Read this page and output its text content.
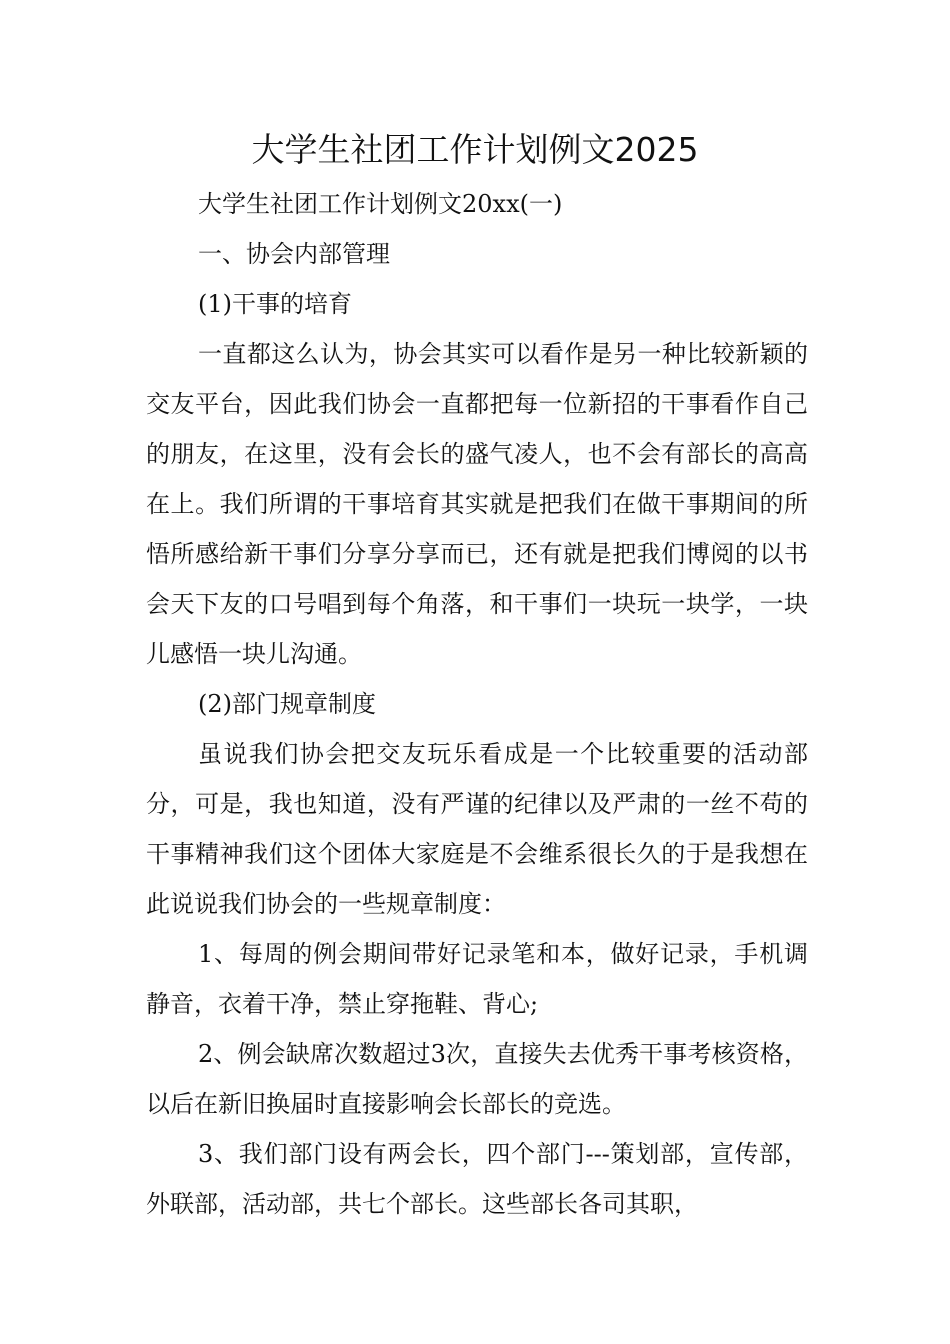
大学生社团工作计划例文2025

大学生社团工作计划例文20xx(一)

一、协会内部管理

(1)干事的培育

一直都这么认为，协会其实可以看作是另一种比较新颖的交友平台，因此我们协会一直都把每一位新招的干事看作自己的朋友，在这里，没有会长的盛气凌人，也不会有部长的高高在上。我们所谓的干事培育其实就是把我们在做干事期间的所悟所感给新干事们分享分享而已，还有就是把我们博阅的以书会天下友的口号唱到每个角落，和干事们一块玩一块学，一块儿感悟一块儿沟通。

(2)部门规章制度

虽说我们协会把交友玩乐看成是一个比较重要的活动部分，可是，我也知道，没有严谨的纪律以及严肃的一丝不苟的干事精神我们这个团体大家庭是不会维系很长久的于是我想在此说说我们协会的一些规章制度：

1、每周的例会期间带好记录笔和本，做好记录，手机调静音，衣着干净，禁止穿拖鞋、背心;

2、例会缺席次数超过3次，直接失去优秀干事考核资格，以后在新旧换届时直接影响会长部长的竞选。

3、我们部门设有两会长，四个部门---策划部，宣传部，外联部，活动部，共七个部长。这些部长各司其职，
